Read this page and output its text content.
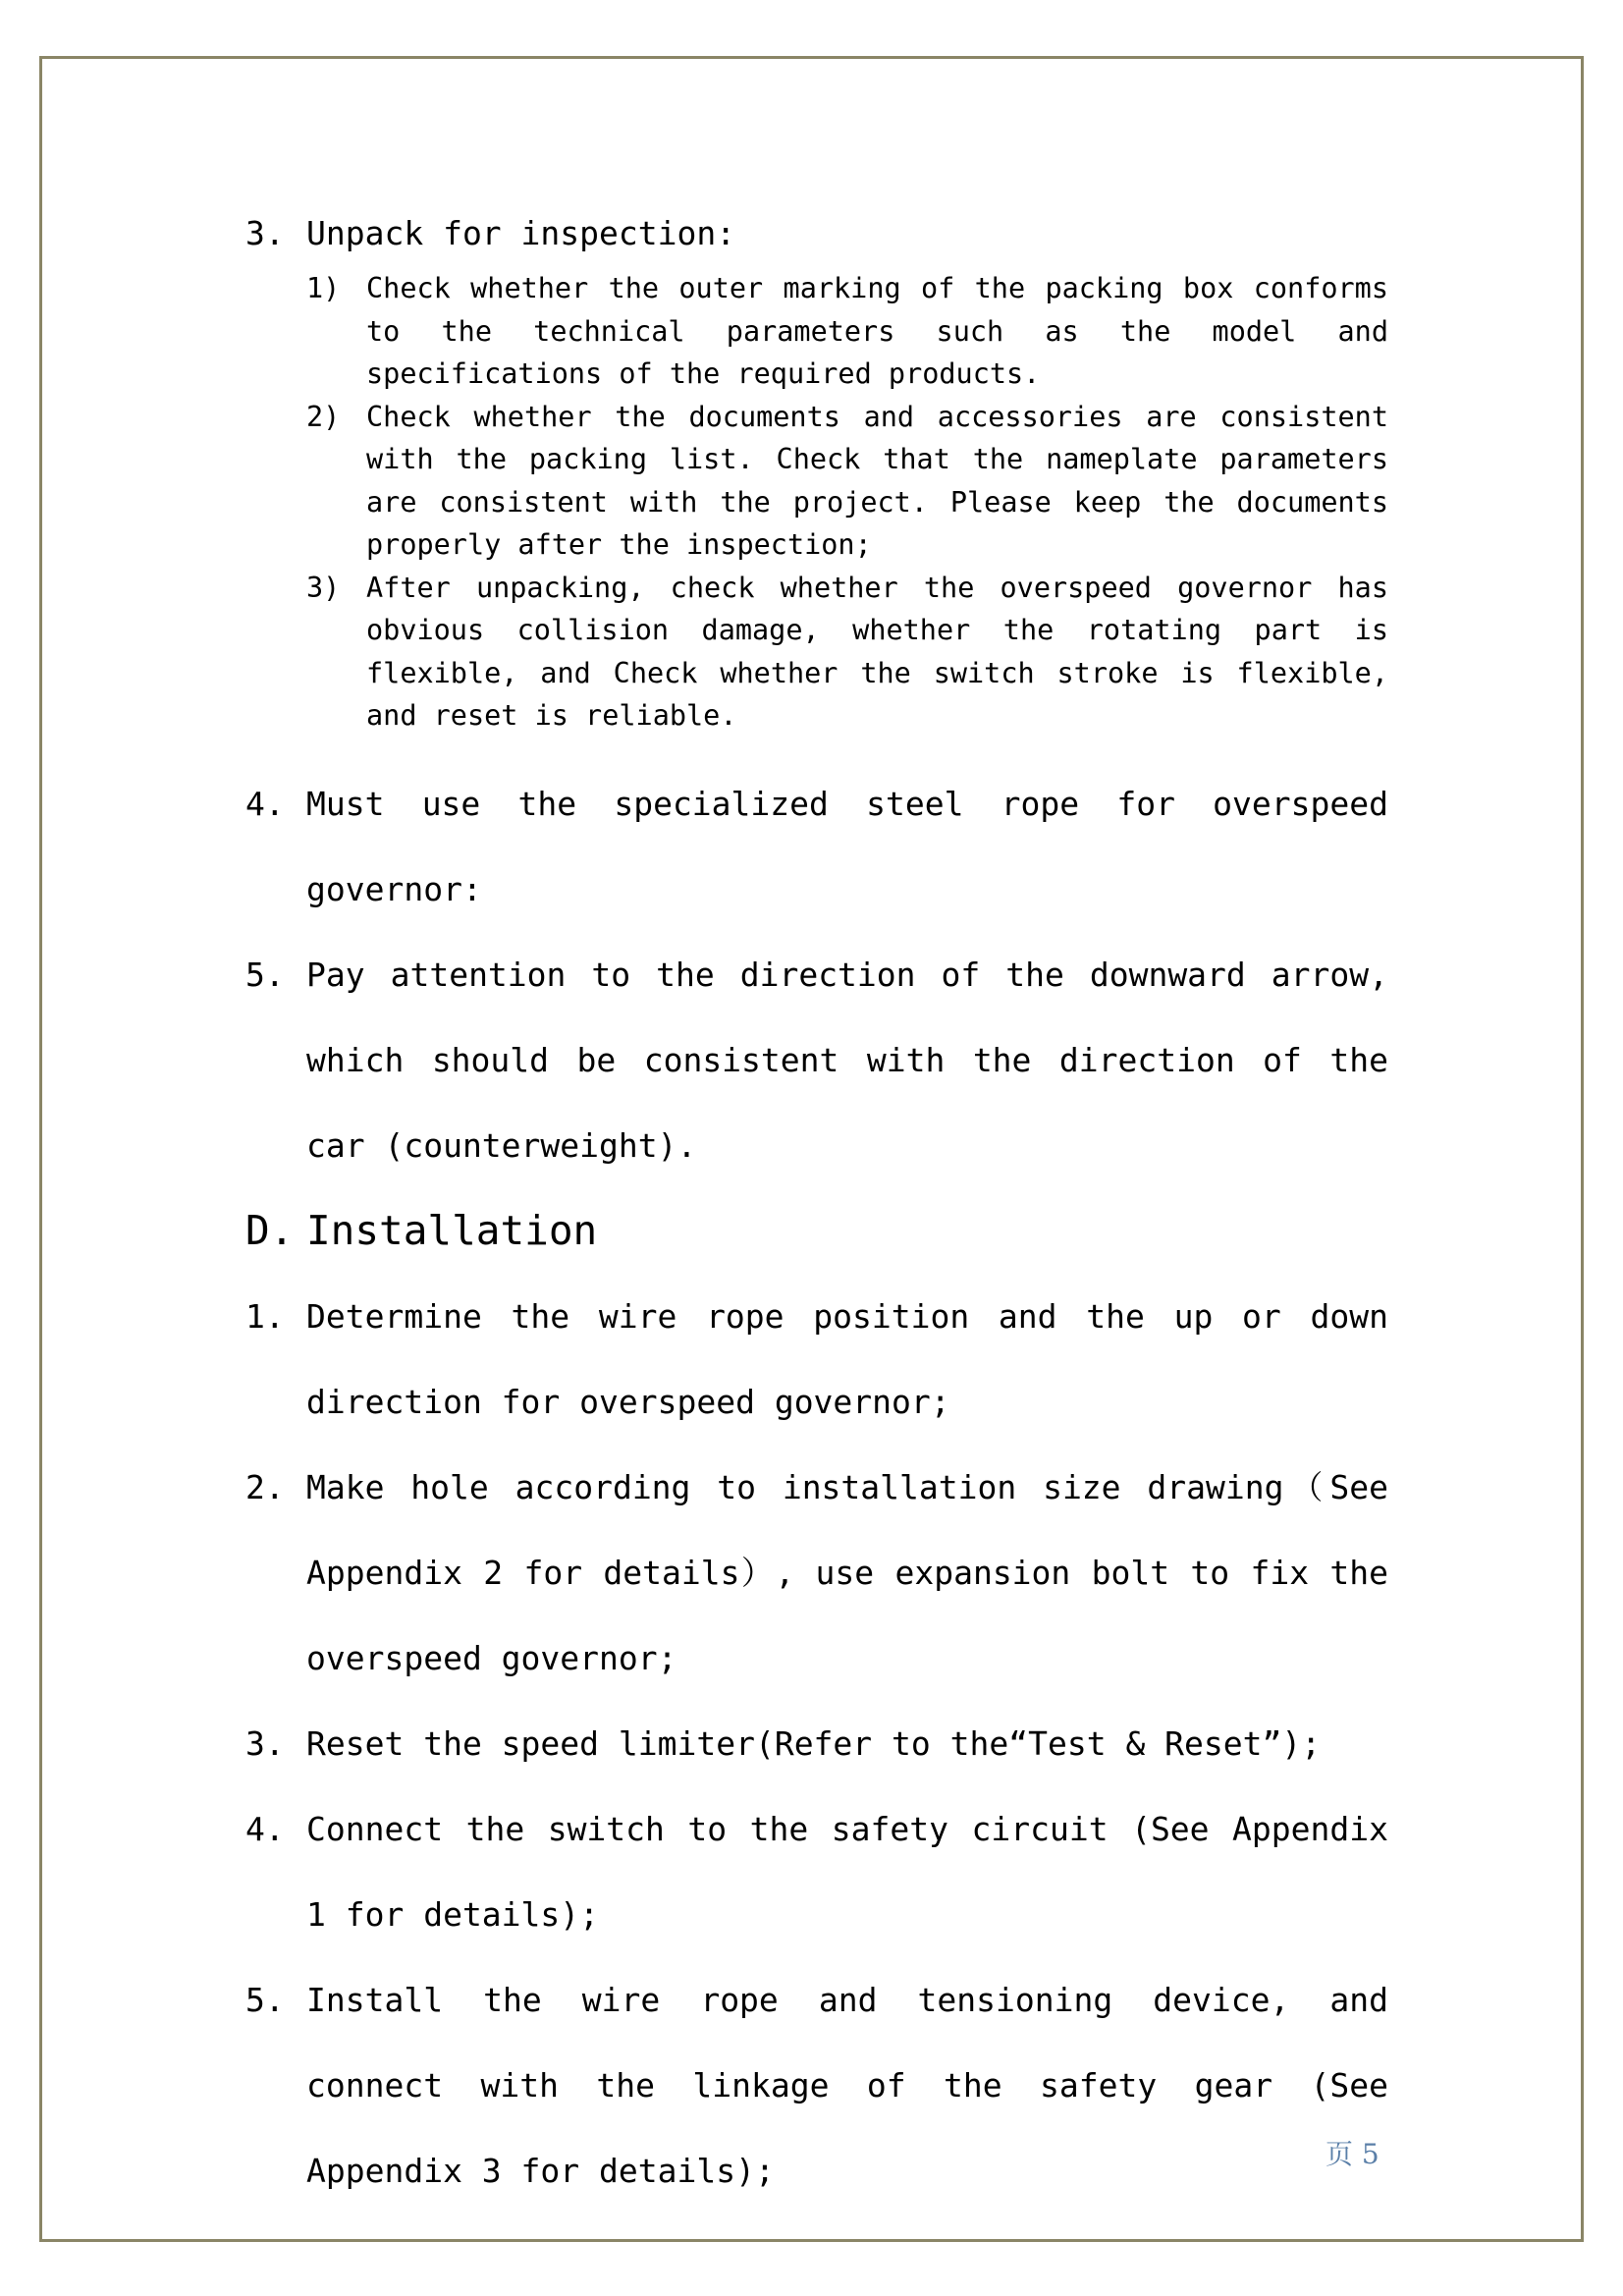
3. Unpack for inspection:
1) Check whether the outer marking of the packing box conforms to the technical parameters such as the model and specifications of the required products.
2) Check whether the documents and accessories are consistent with the packing list. Check that the nameplate parameters are consistent with the project. Please keep the documents properly after the inspection;
3) After unpacking, check whether the overspeed governor has obvious collision damage, whether the rotating part is flexible, and Check whether the switch stroke is flexible, and reset is reliable.
4. Must use the specialized steel rope for overspeed governor:
5. Pay attention to the direction of the downward arrow, which should be consistent with the direction of the car (counterweight).
D. Installation
1. Determine the wire rope position and the up or down direction for overspeed governor;
2. Make hole according to installation size drawing（See Appendix 2 for details）, use expansion bolt to fix the overspeed governor;
3. Reset the speed limiter(Refer to the“Test & Reset”);
4. Connect the switch to the safety circuit (See Appendix 1 for details);
5. Install the wire rope and tensioning device, and connect with the linkage of the safety gear (See Appendix 3 for details);	页 5
